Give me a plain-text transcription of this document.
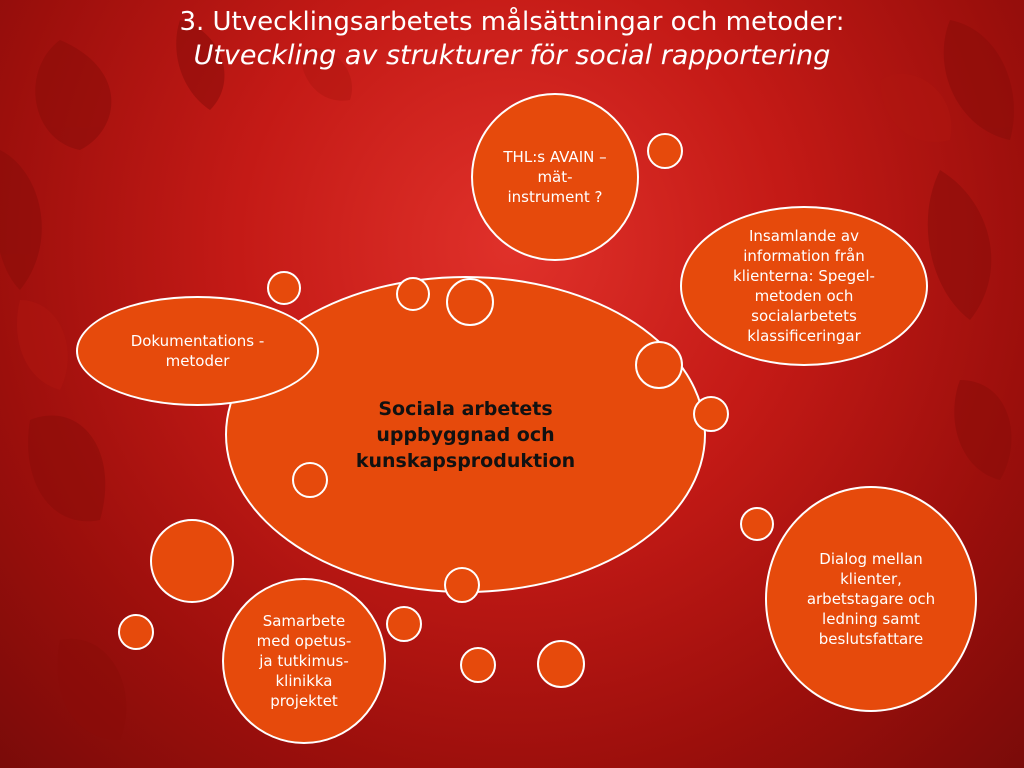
3. Utvecklingsarbetets målsättningar och metoder:
Utveckling av strukturer för social rapportering
Sociala arbetets uppbyggnad och kunskapsproduktion
THL:s AVAIN – mät-instrument ?
Insamlande av information från klienterna: Spegel-metoden och socialarbetets klassificeringar
Dokumentations -metoder
Dialog mellan klienter, arbetstagare och ledning samt beslutsfattare
Samarbete med opetus- ja tutkimus-klinikka projektet
